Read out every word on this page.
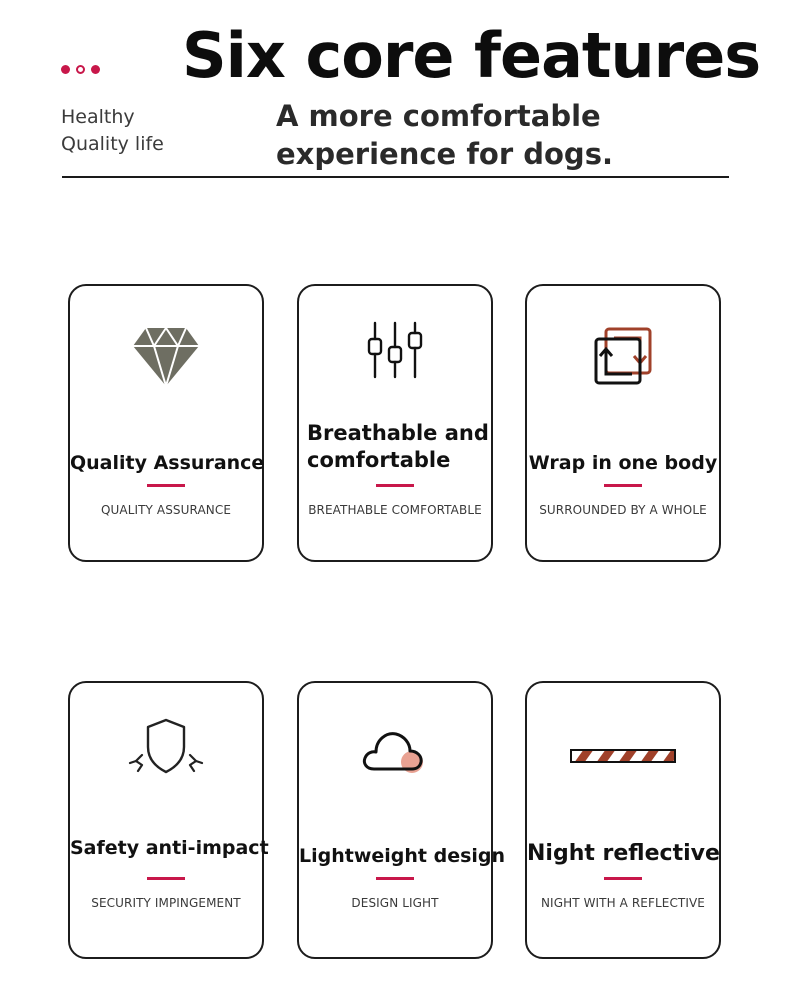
Six core features
Healthy
Quality life
A more comfortable
experience for dogs.
Quality Assurance
QUALITY ASSURANCE
Breathable and
comfortable
BREATHABLE COMFORTABLE
Wrap in one body
SURROUNDED BY A WHOLE
Safety anti-impact
SECURITY IMPINGEMENT
Lightweight design
DESIGN LIGHT
Night reflective
NIGHT WITH A REFLECTIVE
